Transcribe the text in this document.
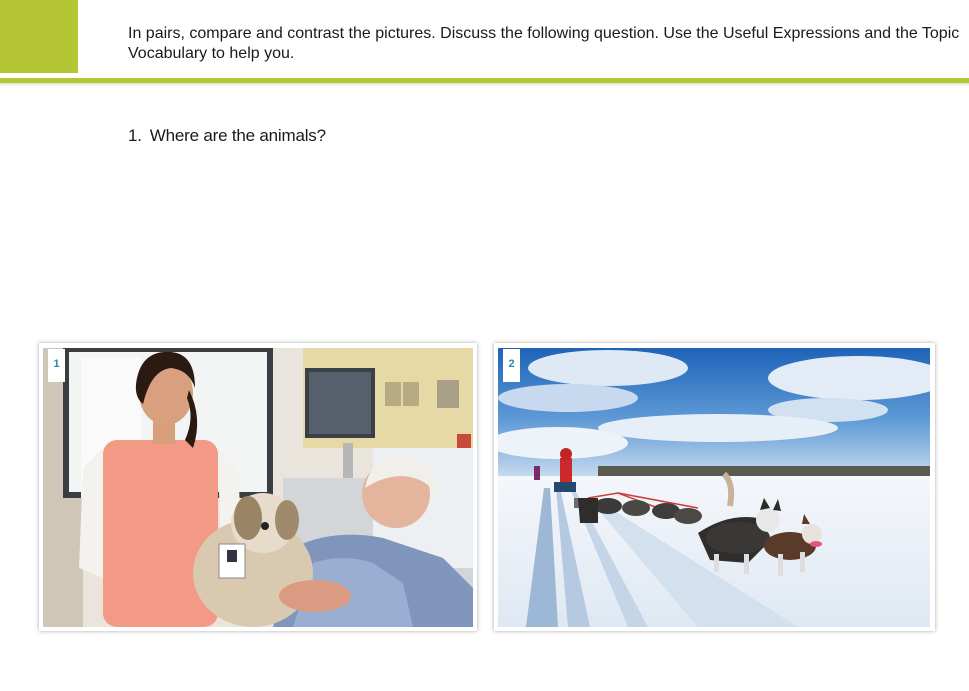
In pairs, compare and contrast the pictures. Discuss the following question. Use the Useful Expressions and the Topic Vocabulary to help you.

1. Where are the animals?
1	2
